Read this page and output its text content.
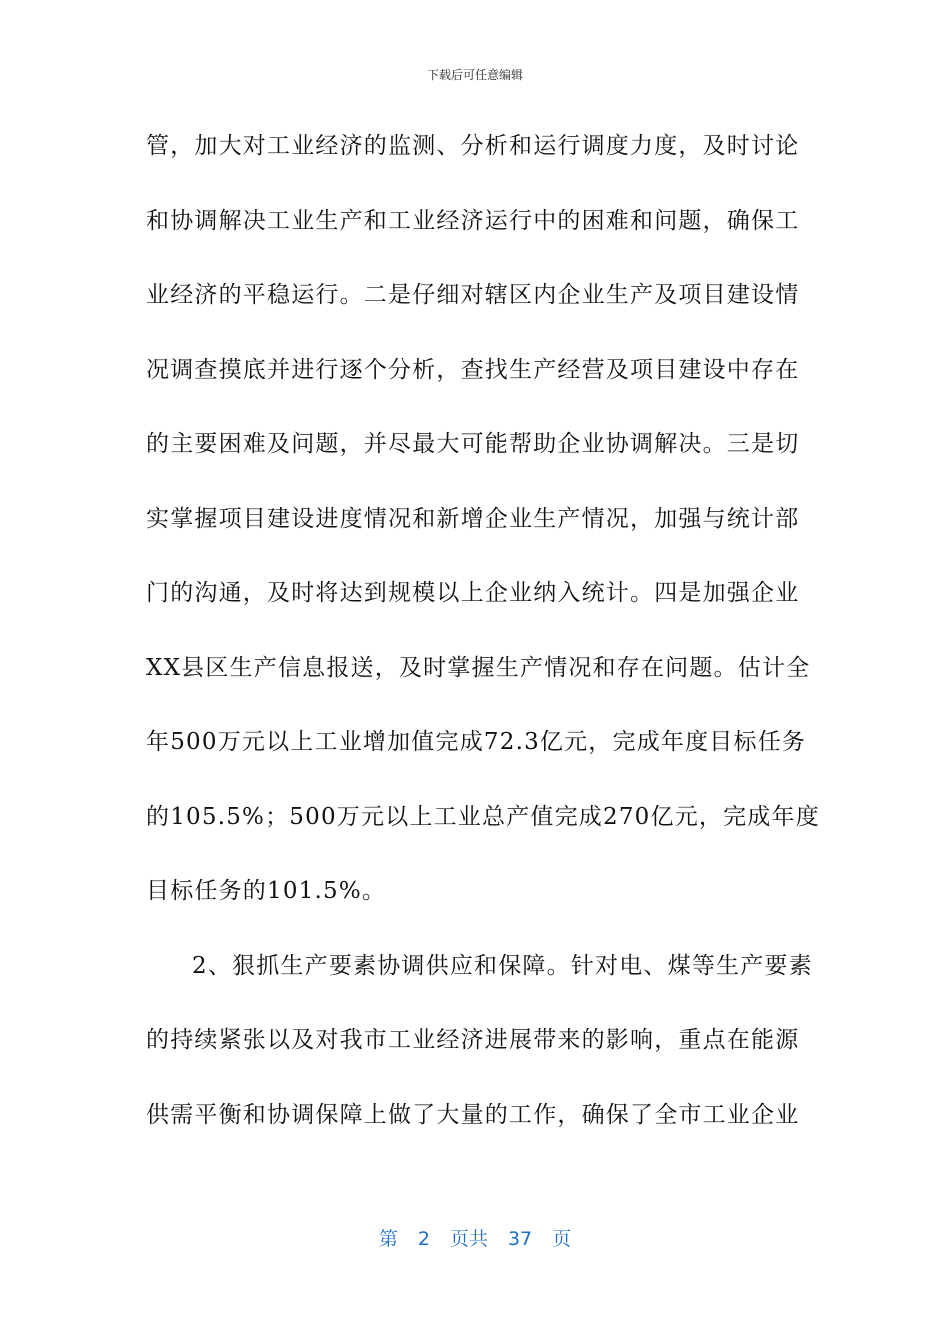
下载后可任意编辑
管，加大对工业经济的监测、分析和运行调度力度，及时讨论
和协调解决工业生产和工业经济运行中的困难和问题，确保工
业经济的平稳运行。二是仔细对辖区内企业生产及项目建设情
况调查摸底并进行逐个分析，查找生产经营及项目建设中存在
的主要困难及问题，并尽最大可能帮助企业协调解决。三是切
实掌握项目建设进度情况和新增企业生产情况，加强与统计部
门的沟通，及时将达到规模以上企业纳入统计。四是加强企业
XX县区生产信息报送，及时掌握生产情况和存在问题。估计全
年500万元以上工业增加值完成72.3亿元，完成年度目标任务
的105.5%；500万元以上工业总产值完成270亿元，完成年度
目标任务的101.5%。
2、狠抓生产要素协调供应和保障。针对电、煤等生产要素
的持续紧张以及对我市工业经济进展带来的影响，重点在能源
供需平衡和协调保障上做了大量的工作，确保了全市工业企业
第 2 页共 37 页
